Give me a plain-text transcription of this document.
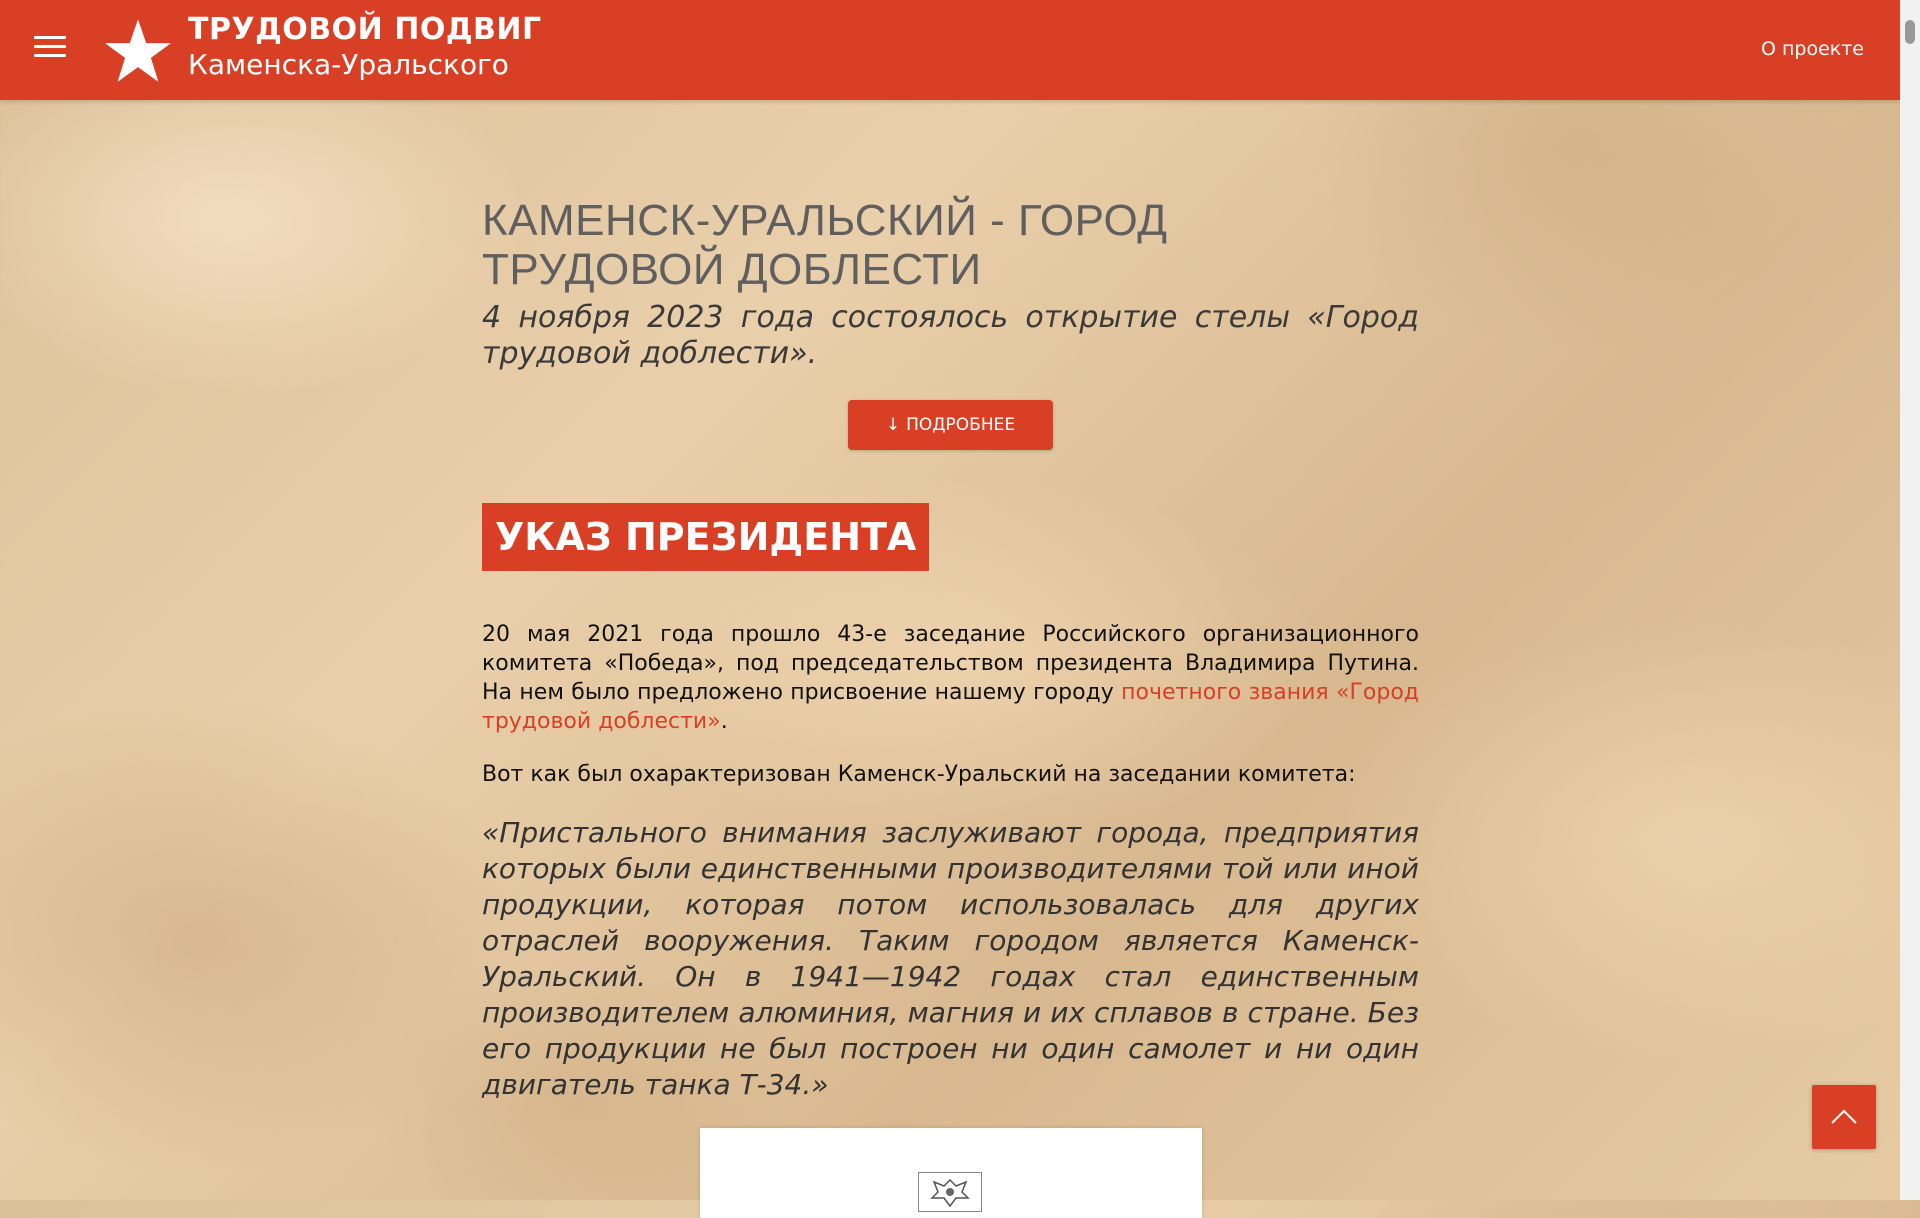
ТРУДОВОЙ ПОДВИГ
Каменска-Уральского	О проекте
КАМЕНСК-УРАЛЬСКИЙ - ГОРОД ТРУДОВОЙ ДОБЛЕСТИ

4 ноября 2023 года состоялось открытие стелы «Город трудовой доблести».

↓ ПОДРОБНЕЕ
УКАЗ ПРЕЗИДЕНТА

20 мая 2021 года прошло 43-е заседание Российского организационного комитета «Победа», под председательством президента Владимира Путина. На нем было предложено присвоение нашему городу почетного звания «Город трудовой доблести».

Вот как был охарактеризован Каменск-Уральский на заседании комитета:

«Пристального внимания заслуживают города, предприятия которых были единственными производителями той или иной продукции, которая потом использовалась для других отраслей вооружения. Таким городом является Каменск-Уральский. Он в 1941—1942 годах стал единственным производителем алюминия, магния и их сплавов в стране. Без его продукции не был построен ни один самолет и ни один двигатель танка Т-34.»
